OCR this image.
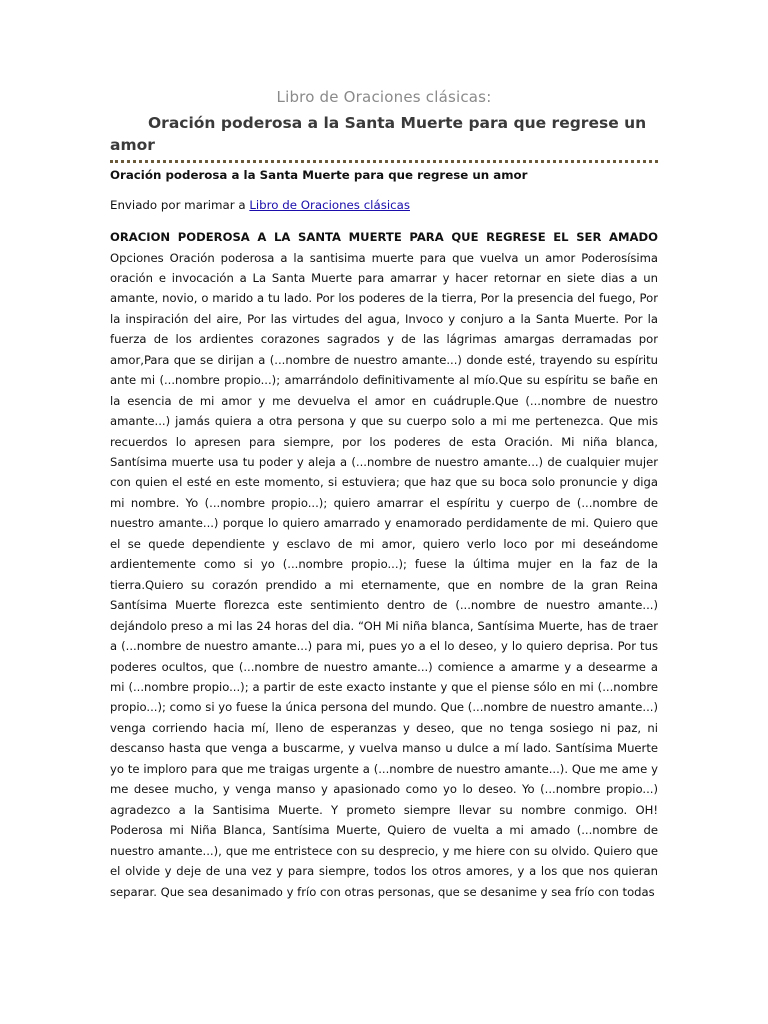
Libro de Oraciones clásicas:
Oración poderosa a la Santa Muerte para que regrese un amor
Oración poderosa a la Santa Muerte para que regrese un amor
Enviado por marimar a Libro de Oraciones clásicas
ORACION PODEROSA A LA SANTA MUERTE PARA QUE REGRESE EL SER AMADO

Opciones Oración poderosa a la santisima muerte para que vuelva un amor Poderosísima oración e invocación a La Santa Muerte para amarrar y hacer retornar en siete dias a un amante, novio, o marido a tu lado. Por los poderes de la tierra, Por la presencia del fuego, Por la inspiración del aire, Por las virtudes del agua, Invoco y conjuro a la Santa Muerte. Por la fuerza de los ardientes corazones sagrados y de las lágrimas amargas derramadas por amor,Para que se dirijan a (...nombre de nuestro amante...) donde esté, trayendo su espíritu ante mi (...nombre propio...); amarrándolo definitivamente al mío.Que su espíritu se bañe en la esencia de mi amor y me devuelva el amor en cuádruple.Que (...nombre de nuestro amante...) jamás quiera a otra persona y que su cuerpo solo a mi me pertenezca. Que mis recuerdos lo apresen para siempre, por los poderes de esta Oración. Mi niña blanca, Santísima muerte usa tu poder y aleja a (...nombre de nuestro amante...) de cualquier mujer con quien el esté en este momento, si estuviera; que haz que su boca solo pronuncie y diga mi nombre. Yo (...nombre propio...); quiero amarrar el espíritu y cuerpo de (...nombre de nuestro amante...) porque lo quiero amarrado y enamorado perdidamente de mi. Quiero que el se quede dependiente y esclavo de mi amor, quiero verlo loco por mi deseándome ardientemente como si yo (...nombre propio...); fuese la última mujer en la faz de la tierra.Quiero su corazón prendido a mi eternamente, que en nombre de la gran Reina Santísima Muerte florezca este sentimiento dentro de (...nombre de nuestro amante...) dejándolo preso a mi las 24 horas del dia. “OH Mi niña blanca, Santísima Muerte, has de traer a (...nombre de nuestro amante...) para mi, pues yo a el lo deseo, y lo quiero deprisa. Por tus poderes ocultos, que (...nombre de nuestro amante...) comience a amarme y a desearme a mi (...nombre propio...); a partir de este exacto instante y que el piense sólo en mi (...nombre propio...); como si yo fuese la única persona del mundo. Que (...nombre de nuestro amante...) venga corriendo hacia mí, lleno de esperanzas y deseo, que no tenga sosiego ni paz, ni descanso hasta que venga a buscarme, y vuelva manso u dulce a mí lado. Santísima Muerte yo te imploro para que me traigas urgente a (...nombre de nuestro amante...). Que me ame y me desee mucho, y venga manso y apasionado como yo lo deseo. Yo (...nombre propio...) agradezco a la Santisima Muerte. Y prometo siempre llevar su nombre conmigo. OH! Poderosa mi Niña Blanca, Santísima Muerte, Quiero de vuelta a mi amado (...nombre de nuestro amante...), que me entristece con su desprecio, y me hiere con su olvido. Quiero que el olvide y deje de una vez y para siempre, todos los otros amores, y a los que nos quieran separar. Que sea desanimado y frío con otras personas, que se desanime y sea frío con todas
